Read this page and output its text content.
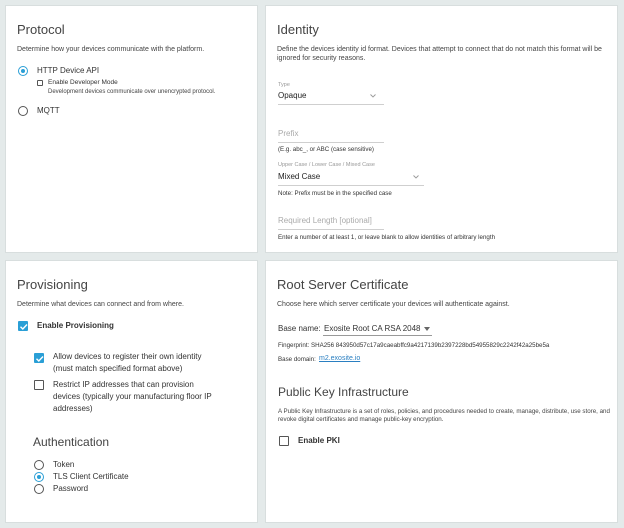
Protocol
Determine how your devices communicate with the platform.
HTTP Device API
Enable Developer Mode
Development devices communicate over unencrypted protocol.
MQTT
Identity
Define the devices identity id format. Devices that attempt to connect that do not match this format will be ignored for security reasons.
Type
Opaque
Prefix
(E.g. abc_, or ABC (case sensitive)
Upper Case / Lower Case / Mixed Case
Mixed Case
Note: Prefix must be in the specified case
Required Length [optional]
Enter a number of at least 1, or leave blank to allow identities of arbitrary length
Provisioning
Determine what devices can connect and from where.
Enable Provisioning
Allow devices to register their own identity
(must match specified format above)
Restrict IP addresses that can provision
devices (typically your manufacturing floor IP
addresses)
Authentication
Token
TLS Client Certificate
Password
Root Server Certificate
Choose here which server certificate your devices will authenticate against.
Base name: Exosite Root CA RSA 2048
Fingerprint: SHA256 843950d57c17a9caeabffc9a4217139b2397228bd54955829c2242f42a25be5a
Base domain: m2.exosite.io
Public Key Infrastructure
A Public Key Infrastructure is a set of roles, policies, and procedures needed to create, manage, distribute, use store, and revoke digital certificates and manage public-key encryption.
Enable PKI
